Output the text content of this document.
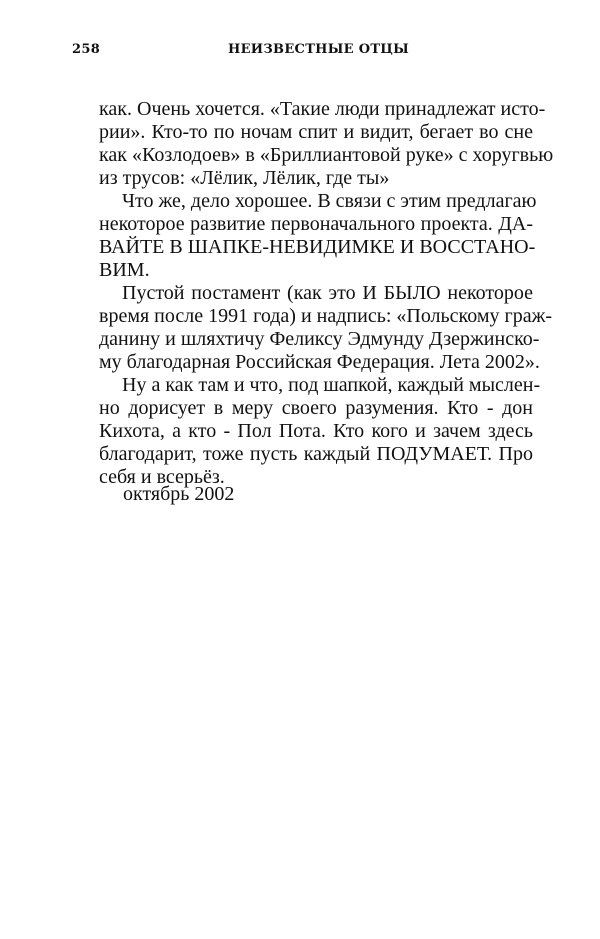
258	НЕИЗВЕСТНЫЕ ОТЦЫ
как. Очень хочется. «Такие люди принадлежат исто-
рии». Кто-то по ночам спит и видит, бегает во сне
как «Козлодоев» в «Бриллиантовой руке» с хоругвью
из трусов: «Лёлик, Лёлик, где ты»
Что же, дело хорошее. В связи с этим предлагаю
некоторое развитие первоначального проекта. ДА-
ВАЙТЕ В ШАПКЕ-НЕВИДИМКЕ И ВОССТАНО-
ВИМ.
Пустой постамент (как это И БЫЛО некоторое
время после 1991 года) и надпись: «Польскому граж-
данину и шляхтичу Феликсу Эдмунду Дзержинско-
му благодарная Российская Федерация. Лета 2002».
Ну а как там и что, под шапкой, каждый мыслен-
но дорисует в меру своего разумения. Кто - дон
Кихота, а кто - Пол Пота. Кто кого и зачем здесь
благодарит, тоже пусть каждый ПОДУМАЕТ. Про
себя и всерьёз.
октябрь 2002
